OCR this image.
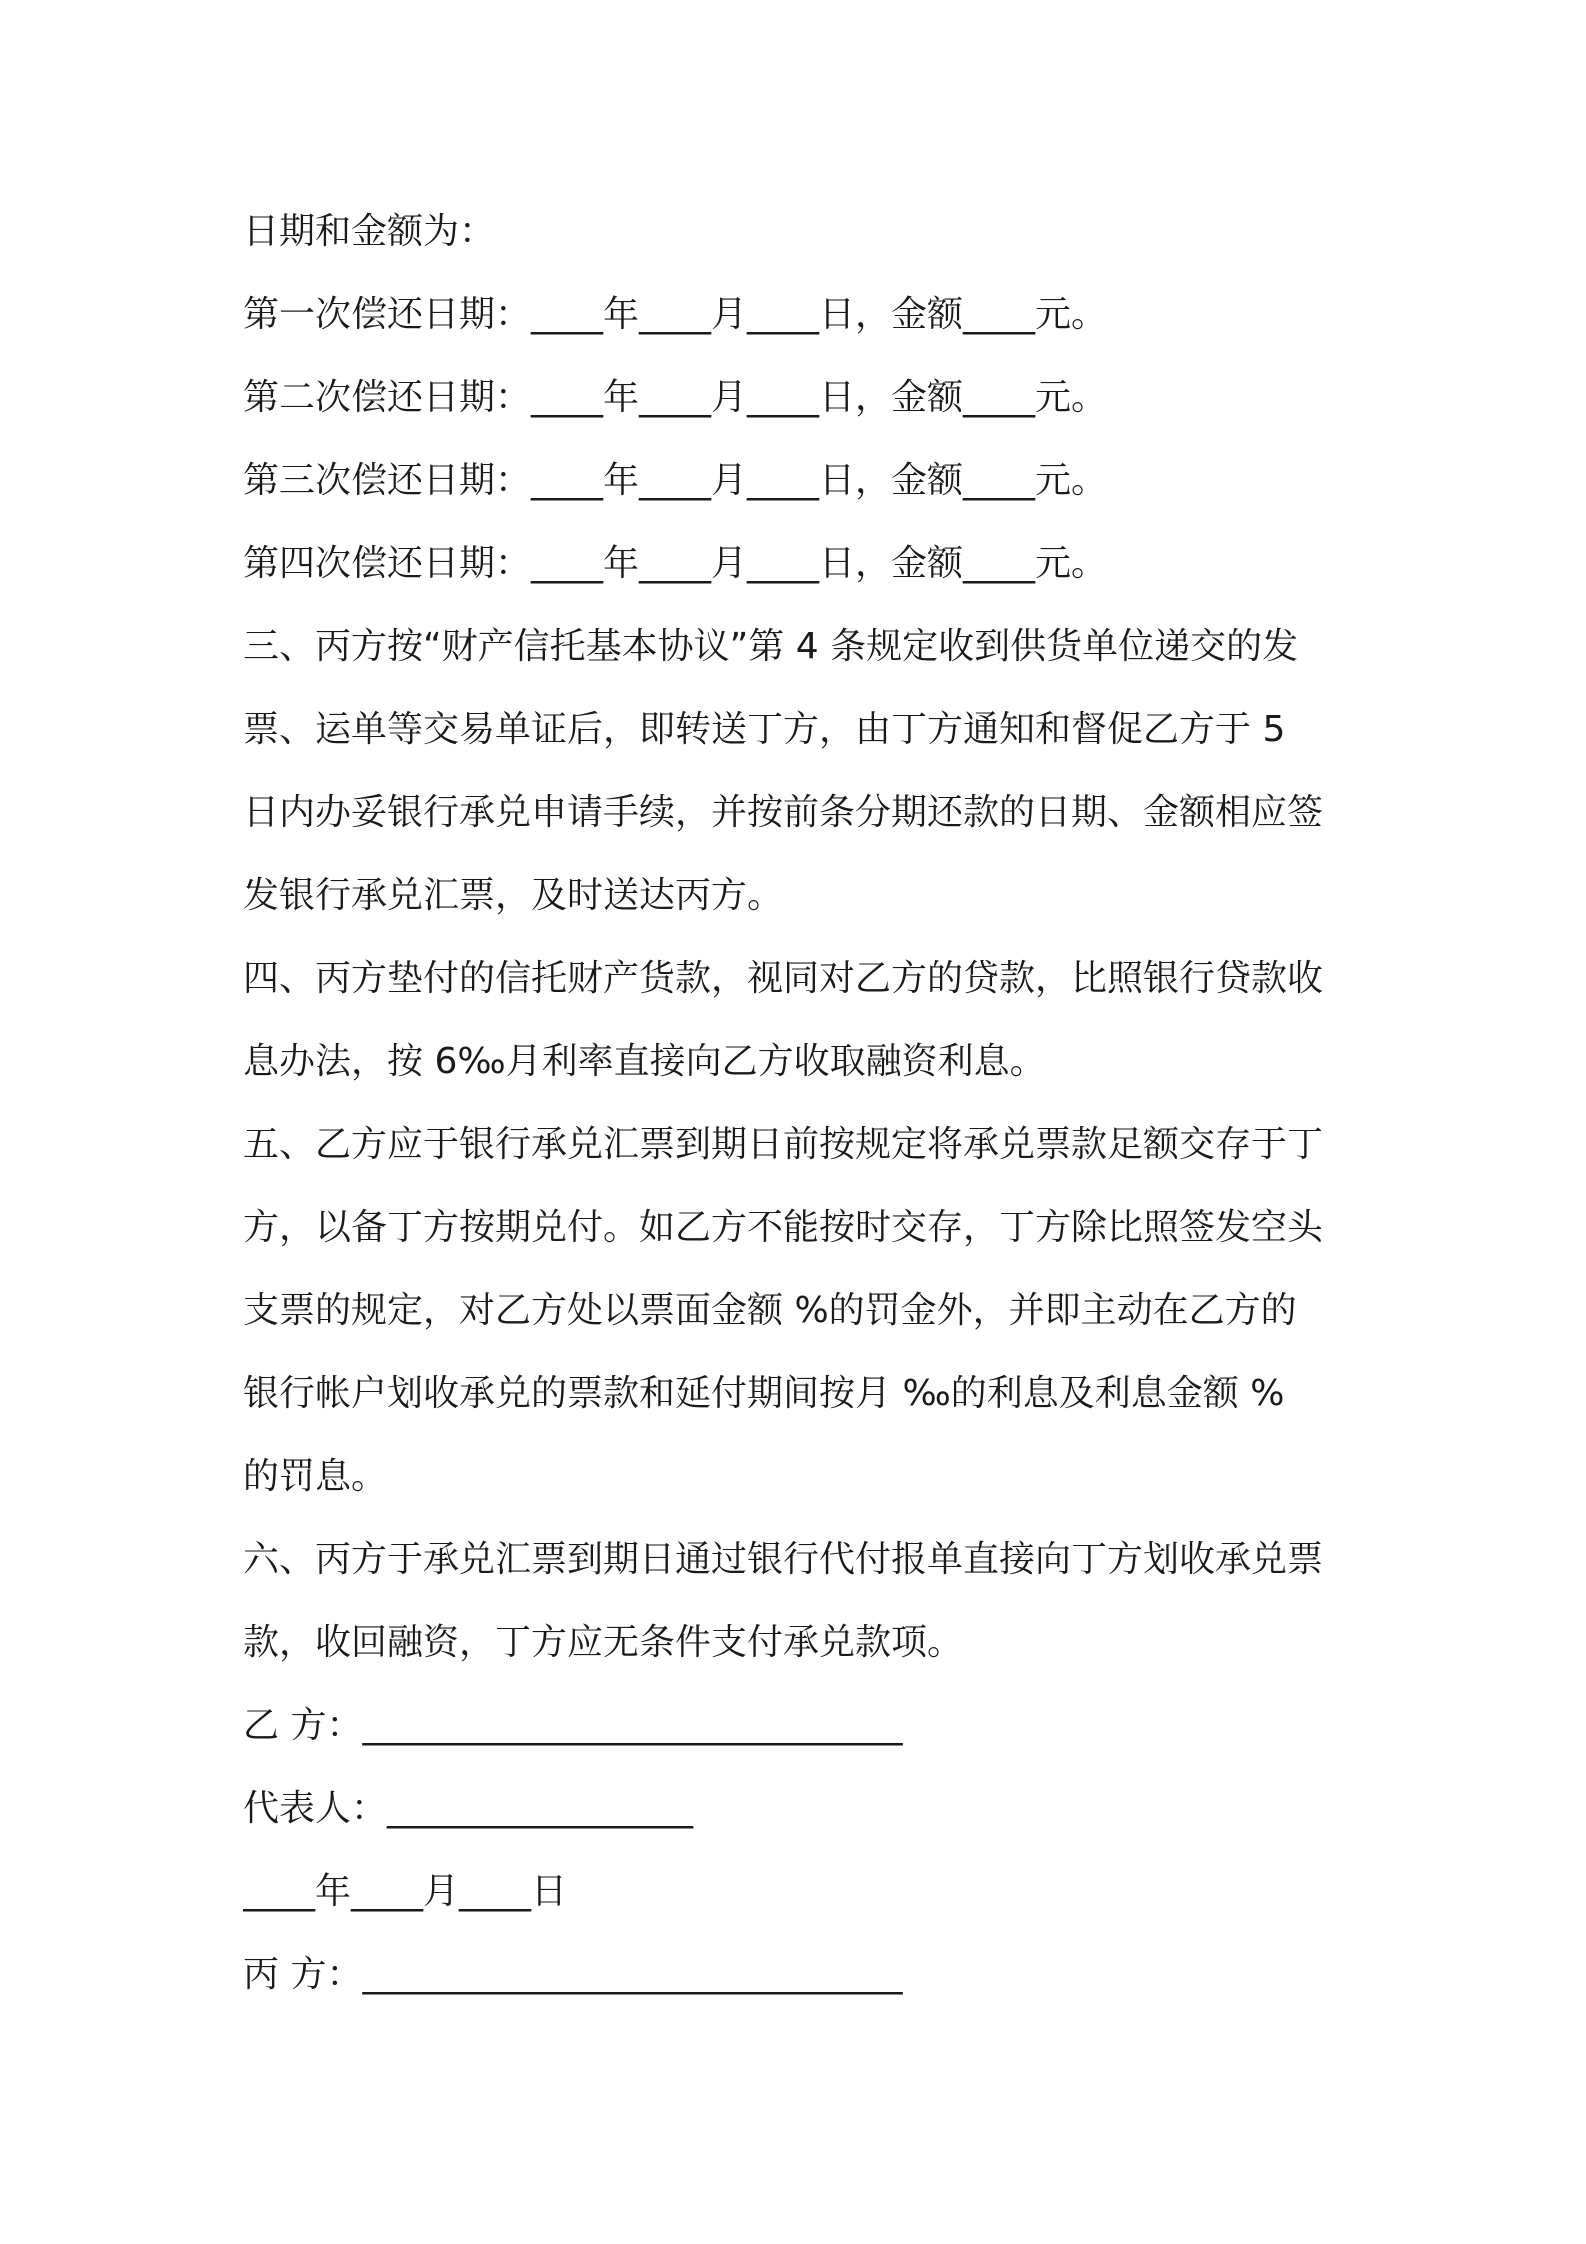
日期和金额为：
第一次偿还日期：____年____月____日，金额____元。
第二次偿还日期：____年____月____日，金额____元。
第三次偿还日期：____年____月____日，金额____元。
第四次偿还日期：____年____月____日，金额____元。
三、丙方按“财产信托基本协议”第 4 条规定收到供货单位递交的发
票、运单等交易单证后，即转送丁方，由丁方通知和督促乙方于 5
日内办妥银行承兑申请手续，并按前条分期还款的日期、金额相应签
发银行承兑汇票，及时送达丙方。
四、丙方垫付的信托财产货款，视同对乙方的贷款，比照银行贷款收
息办法，按 6‰月利率直接向乙方收取融资利息。
五、乙方应于银行承兑汇票到期日前按规定将承兑票款足额交存于丁
方，以备丁方按期兑付。如乙方不能按时交存，丁方除比照签发空头
支票的规定，对乙方处以票面金额 %的罚金外，并即主动在乙方的
银行帐户划收承兑的票款和延付期间按月 ‰的利息及利息金额 %
的罚息。
六、丙方于承兑汇票到期日通过银行代付报单直接向丁方划收承兑票
款，收回融资，丁方应无条件支付承兑款项。
乙 方：______________________________
代表人：_________________
____年____月____日
丙 方：______________________________
